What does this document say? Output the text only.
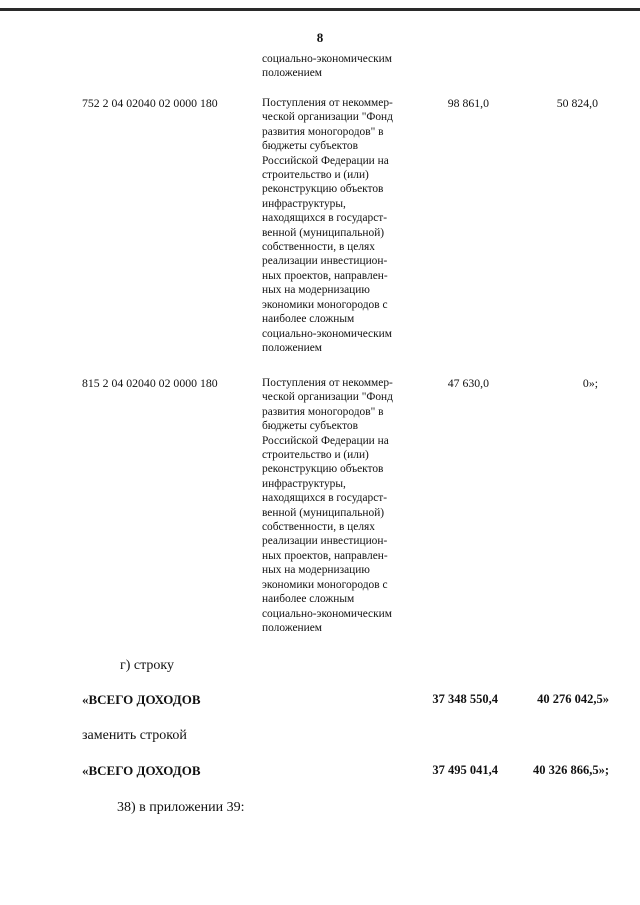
8
социально-экономическим
положением
752 2 04 02040 02 0000 180	Поступления от некоммер-
ческой организации "Фонд
развития моногородов" в
бюджеты субъектов
Российской Федерации на
строительство и (или)
реконструкцию объектов
инфраструктуры,
находящихся в государст-
венной (муниципальной)
собственности, в целях
реализации инвестицион-
ных проектов, направлен-
ных на модернизацию
экономики моногородов с
наиболее сложным
социально-экономическим
положением
98 861,0	50 824,0
815 2 04 02040 02 0000 180	Поступления от некоммер-
ческой организации "Фонд
развития моногородов" в
бюджеты субъектов
Российской Федерации на
строительство и (или)
реконструкцию объектов
инфраструктуры,
находящихся в государст-
венной (муниципальной)
собственности, в целях
реализации инвестицион-
ных проектов, направлен-
ных на модернизацию
экономики моногородов с
наиболее сложным
социально-экономическим
положением
47 630,0	0»;
г) строку
«ВСЕГО ДОХОДОВ	37 348 550,4	40 276 042,5»
заменить строкой
«ВСЕГО ДОХОДОВ	37 495 041,4	40 326 866,5»;
38) в приложении 39:
